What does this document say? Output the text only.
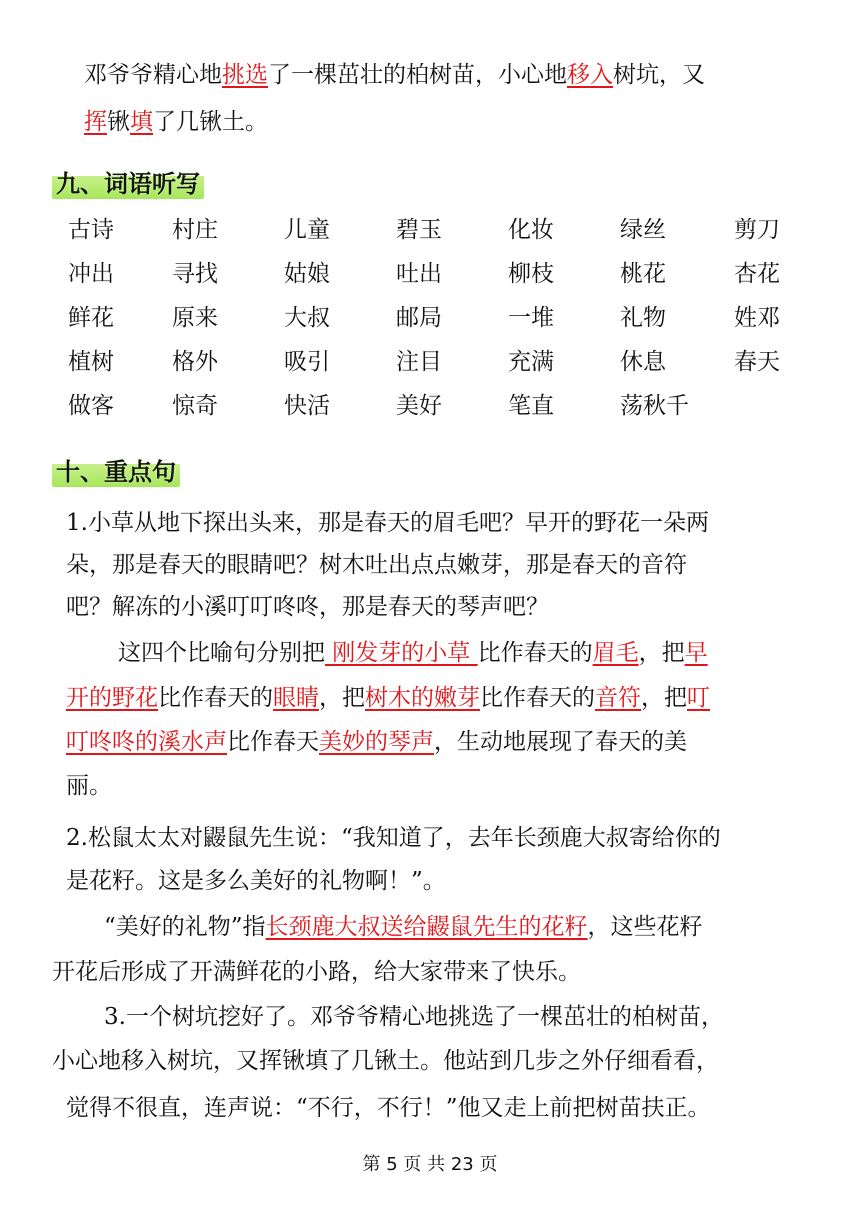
邓爷爷精心地挑选了一棵茁壮的柏树苗，小心地移入树坑，又
挥锹填了几锹土。
九、词语听写
古诗	村庄	儿童	碧玉	化妆	绿丝	剪刀
冲出	寻找	姑娘	吐出	柳枝	桃花	杏花
鲜花	原来	大叔	邮局	一堆	礼物	姓邓
植树	格外	吸引	注目	充满	休息	春天
做客	惊奇	快活	美好	笔直	荡秋千
十、重点句
1.小草从地下探出头来，那是春天的眉毛吧？早开的野花一朵两
朵，那是春天的眼睛吧？树木吐出点点嫩芽，那是春天的音符
吧？解冻的小溪叮叮咚咚，那是春天的琴声吧？
这四个比喻句分别把 刚发芽的小草 比作春天的眉毛，把早
开的野花比作春天的眼睛，把树木的嫩芽比作春天的音符，把叮
叮咚咚的溪水声比作春天美妙的琴声，生动地展现了春天的美
丽。
2.松鼠太太对鼹鼠先生说：“我知道了，去年长颈鹿大叔寄给你的
是花籽。这是多么美好的礼物啊！”。
“美好的礼物”指长颈鹿大叔送给鼹鼠先生的花籽，这些花籽
开花后形成了开满鲜花的小路，给大家带来了快乐。
3.一个树坑挖好了。邓爷爷精心地挑选了一棵茁壮的柏树苗，
小心地移入树坑，又挥锹填了几锹土。他站到几步之外仔细看看，
觉得不很直，连声说：“不行，不行！”他又走上前把树苗扶正。
第 5 页 共 23 页
